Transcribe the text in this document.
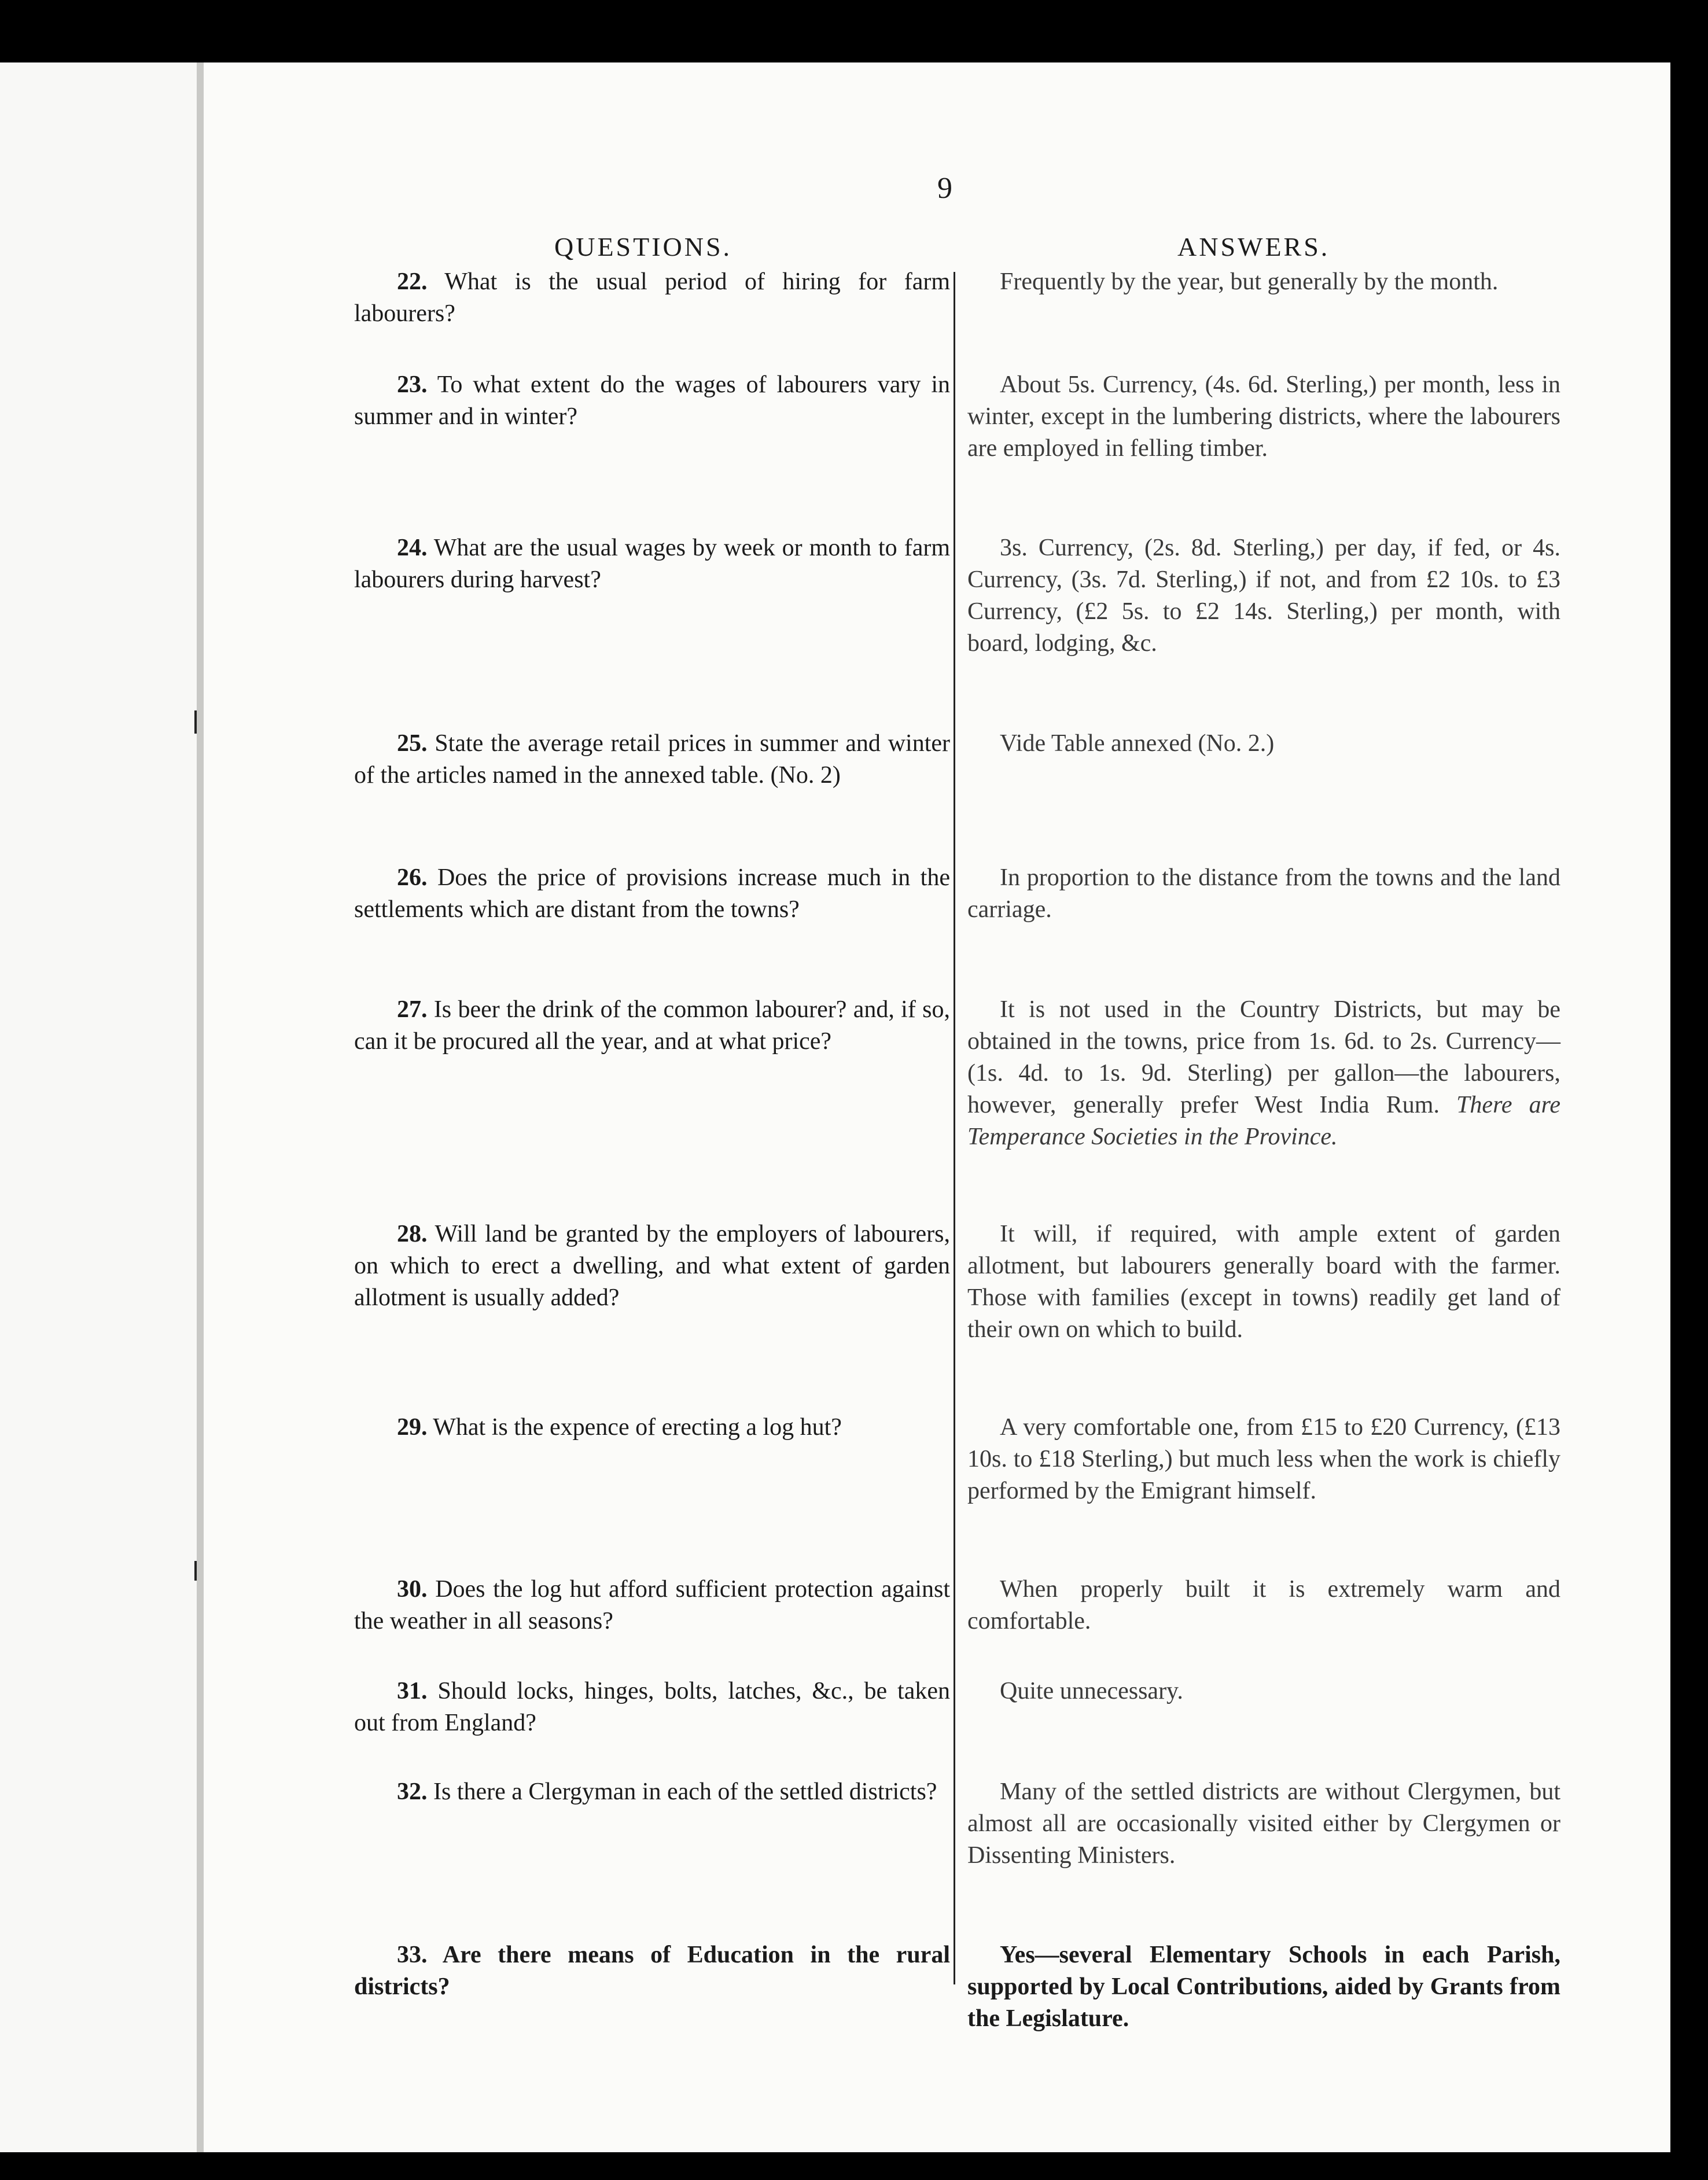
9
QUESTIONS.	ANSWERS.
22. What is the usual period of hiring for farm labourers?
Frequently by the year, but generally by the month.
23. To what extent do the wages of labourers vary in summer and in winter?
About 5s. Currency, (4s. 6d. Sterling,) per month, less in winter, except in the lumbering districts, where the labourers are employed in felling timber.
24. What are the usual wages by week or month to farm labourers during harvest?
3s. Currency, (2s. 8d. Sterling,) per day, if fed, or 4s. Currency, (3s. 7d. Sterling,) if not, and from £2 10s. to £3 Currency, (£2 5s. to £2 14s. Sterling,) per month, with board, lodging, &c.
25. State the average retail prices in summer and winter of the articles named in the annexed table. (No. 2)
Vide Table annexed (No. 2.)
26. Does the price of provisions increase much in the settlements which are distant from the towns?
In proportion to the distance from the towns and the land carriage.
27. Is beer the drink of the common labourer? and, if so, can it be procured all the year, and at what price?
It is not used in the Country Districts, but may be obtained in the towns, price from 1s. 6d. to 2s. Currency—(1s. 4d. to 1s. 9d. Sterling) per gallon—the labourers, however, generally prefer West India Rum. There are Temperance Societies in the Province.
28. Will land be granted by the employers of labourers, on which to erect a dwelling, and what extent of garden allotment is usually added?
It will, if required, with ample extent of garden allotment, but labourers generally board with the farmer. Those with families (except in towns) readily get land of their own on which to build.
29. What is the expence of erecting a log hut?	A very comfortable one, from £15 to £20 Currency, (£13 10s. to £18 Sterling,) but much less when the work is chiefly performed by the Emigrant himself.
30. Does the log hut afford sufficient protection against the weather in all seasons?
When properly built it is extremely warm and comfortable.
31. Should locks, hinges, bolts, latches, &c., be taken out from England?
Quite unnecessary.
32. Is there a Clergyman in each of the settled districts?	Many of the settled districts are without Clergymen, but almost all are occasionally visited either by Clergymen or Dissenting Ministers.
33. Are there means of Education in the rural districts?
Yes—several Elementary Schools in each Parish, supported by Local Contributions, aided by Grants from the Legislature.
